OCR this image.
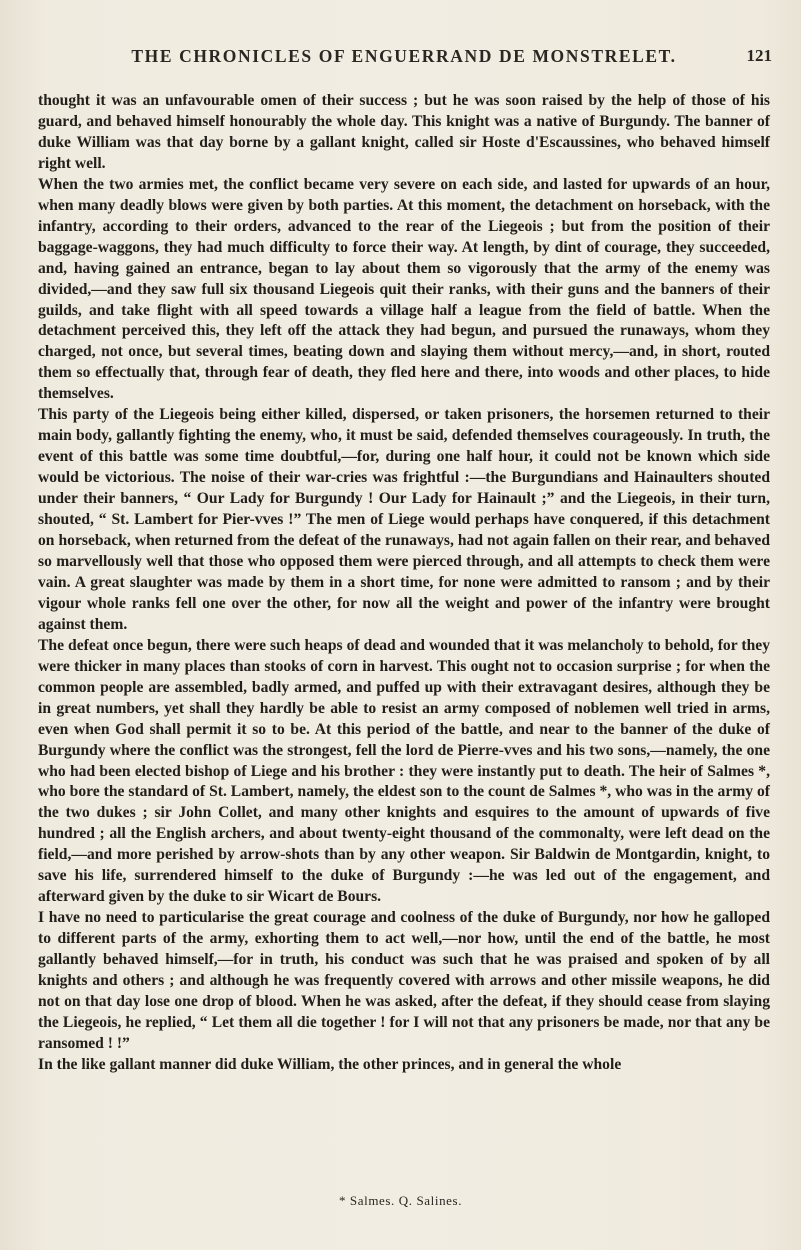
THE CHRONICLES OF ENGUERRAND DE MONSTRELET.	121

thought it was an unfavourable omen of their success ; but he was soon raised by the help of those of his guard, and behaved himself honourably the whole day. This knight was a native of Burgundy. The banner of duke William was that day borne by a gallant knight, called sir Hoste d'Escaussines, who behaved himself right well.

When the two armies met, the conflict became very severe on each side, and lasted for upwards of an hour, when many deadly blows were given by both parties. At this moment, the detachment on horseback, with the infantry, according to their orders, advanced to the rear of the Liegeois ; but from the position of their baggage-waggons, they had much difficulty to force their way. At length, by dint of courage, they succeeded, and, having gained an entrance, began to lay about them so vigorously that the army of the enemy was divided,—and they saw full six thousand Liegeois quit their ranks, with their guns and the banners of their guilds, and take flight with all speed towards a village half a league from the field of battle. When the detachment perceived this, they left off the attack they had begun, and pursued the runaways, whom they charged, not once, but several times, beating down and slaying them without mercy,—and, in short, routed them so effectually that, through fear of death, they fled here and there, into woods and other places, to hide themselves.

This party of the Liegeois being either killed, dispersed, or taken prisoners, the horsemen returned to their main body, gallantly fighting the enemy, who, it must be said, defended themselves courageously. In truth, the event of this battle was some time doubtful,—for, during one half hour, it could not be known which side would be victorious. The noise of their war-cries was frightful :—the Burgundians and Hainaulters shouted under their banners, “ Our Lady for Burgundy ! Our Lady for Hainault ;” and the Liegeois, in their turn, shouted, “ St. Lambert for Pier-vves !” The men of Liege would perhaps have conquered, if this detachment on horseback, when returned from the defeat of the runaways, had not again fallen on their rear, and behaved so marvellously well that those who opposed them were pierced through, and all attempts to check them were vain. A great slaughter was made by them in a short time, for none were admitted to ransom ; and by their vigour whole ranks fell one over the other, for now all the weight and power of the infantry were brought against them.

The defeat once begun, there were such heaps of dead and wounded that it was melancholy to behold, for they were thicker in many places than stooks of corn in harvest. This ought not to occasion surprise ; for when the common people are assembled, badly armed, and puffed up with their extravagant desires, although they be in great numbers, yet shall they hardly be able to resist an army composed of noblemen well tried in arms, even when God shall permit it so to be. At this period of the battle, and near to the banner of the duke of Burgundy where the conflict was the strongest, fell the lord de Pierre-vves and his two sons,—namely, the one who had been elected bishop of Liege and his brother : they were instantly put to death. The heir of Salmes *, who bore the standard of St. Lambert, namely, the eldest son to the count de Salmes *, who was in the army of the two dukes ; sir John Collet, and many other knights and esquires to the amount of upwards of five hundred ; all the English archers, and about twenty-eight thousand of the commonalty, were left dead on the field,—and more perished by arrow-shots than by any other weapon. Sir Baldwin de Montgardin, knight, to save his life, surrendered himself to the duke of Burgundy :—he was led out of the engagement, and afterward given by the duke to sir Wicart de Bours.

I have no need to particularise the great courage and coolness of the duke of Burgundy, nor how he galloped to different parts of the army, exhorting them to act well,—nor how, until the end of the battle, he most gallantly behaved himself,—for in truth, his conduct was such that he was praised and spoken of by all knights and others ; and although he was frequently covered with arrows and other missile weapons, he did not on that day lose one drop of blood. When he was asked, after the defeat, if they should cease from slaying the Liegeois, he replied, “ Let them all die together ! for I will not that any prisoners be made, nor that any be ransomed ! !”

In the like gallant manner did duke William, the other princes, and in general the whole

* Salmes. Q. Salines.
